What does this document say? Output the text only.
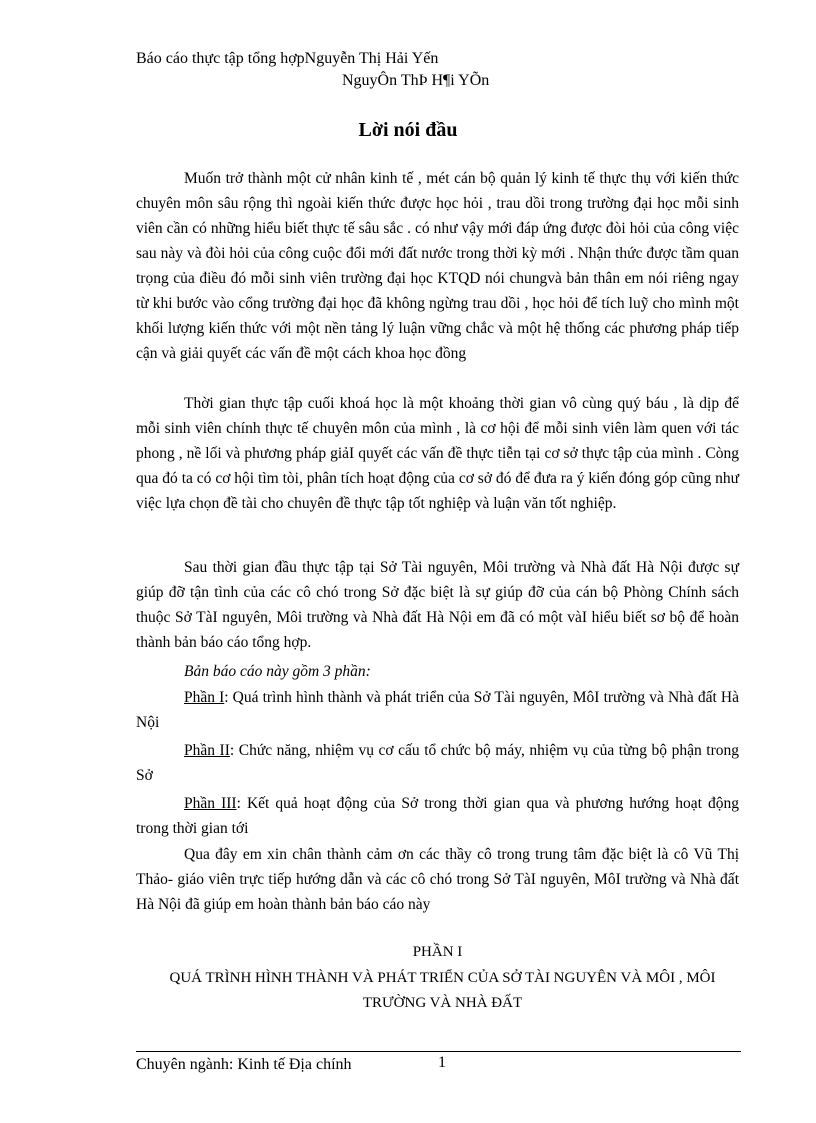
Báo cáo thực tập tổng hợpNguyễn Thị Hải Yến
NguyÔn ThÞ H¶i YÕn
Lời nói đầu
Muốn trở thành một cử nhân kinh tế , mét cán bộ quản lý kinh tế thực thụ với kiến thức chuyên môn sâu rộng thì ngoài kiến thức được học hỏi , trau dồi trong trường đại học mỗi sinh viên cần có những hiểu biết thực tế sâu sắc . có như vậy mới đáp ứng được đòi hỏi của công việc sau này và đòi hỏi của công cuộc đổi mới đất nước trong thời kỳ mới . Nhận thức được tầm quan trọng của điều đó mỗi sinh viên trường đại học KTQD nói chungvà bản thân em nói riêng ngay từ khi bước vào cổng trường đại học đã không ngừng trau dồi , học hỏi để tích luỹ cho mình một khối lượng kiến thức với một nền tảng lý luận vững chắc và một hệ thống các phương pháp tiếp cận và giải quyết các vấn đề một cách khoa học đồng
Thời gian thực tập cuối khoá học là một khoảng thời gian vô cùng quý báu , là dịp để mỗi sinh viên chính thực tế chuyên môn của mình , là cơ hội để mỗi sinh viên làm quen với tác phong , nề lối và phương pháp giảI quyết các vấn đề thực tiễn tại cơ sở thực tập của mình . Còng qua đó ta có cơ hội tìm tòi, phân tích hoạt động của cơ sở đó để đưa ra ý kiến đóng góp cũng như việc lựa chọn đề tài cho chuyên đề thực tập tốt nghiệp và luận văn tốt nghiệp.
Sau thời gian đầu thực tập tại Sở Tài nguyên, Môi trường và Nhà đất Hà Nội được sự giúp đỡ tận tình của các cô chó trong Sở đặc biệt là sự giúp đỡ của cán bộ Phòng Chính sách thuộc Sở TàI nguyên, Môi trường và Nhà đất Hà Nội em đã có một vàI hiểu biết sơ bộ để hoàn thành bản báo cáo tổng hợp.
Bản báo cáo này gồm 3 phần:
Phần I: Quá trình hình thành và phát triển của Sở Tài nguyên, MôI trường và Nhà đất Hà Nội
Phần II: Chức năng, nhiệm vụ cơ cấu tổ chức bộ máy, nhiệm vụ của từng bộ phận trong Sở
Phần III: Kết quả hoạt động của Sở trong thời gian qua và phương hướng hoạt động trong thời gian tới
Qua đây em xin chân thành cảm ơn các thầy cô trong trung tâm đặc biệt là cô Vũ Thị Thảo- giáo viên trực tiếp hướng dẫn và các cô chó trong Sở TàI nguyên, MôI trường và Nhà đất Hà Nội đã giúp em hoàn thành bản báo cáo này
PHẦN I
QUÁ TRÌNH HÌNH THÀNH VÀ PHÁT TRIỂN CỦA SỞ TÀI NGUYÊN VÀ MÔI , MÔI TRƯỜNG VÀ NHÀ ĐẤT
Chuyên ngành: Kinh tế Địa chính	1
